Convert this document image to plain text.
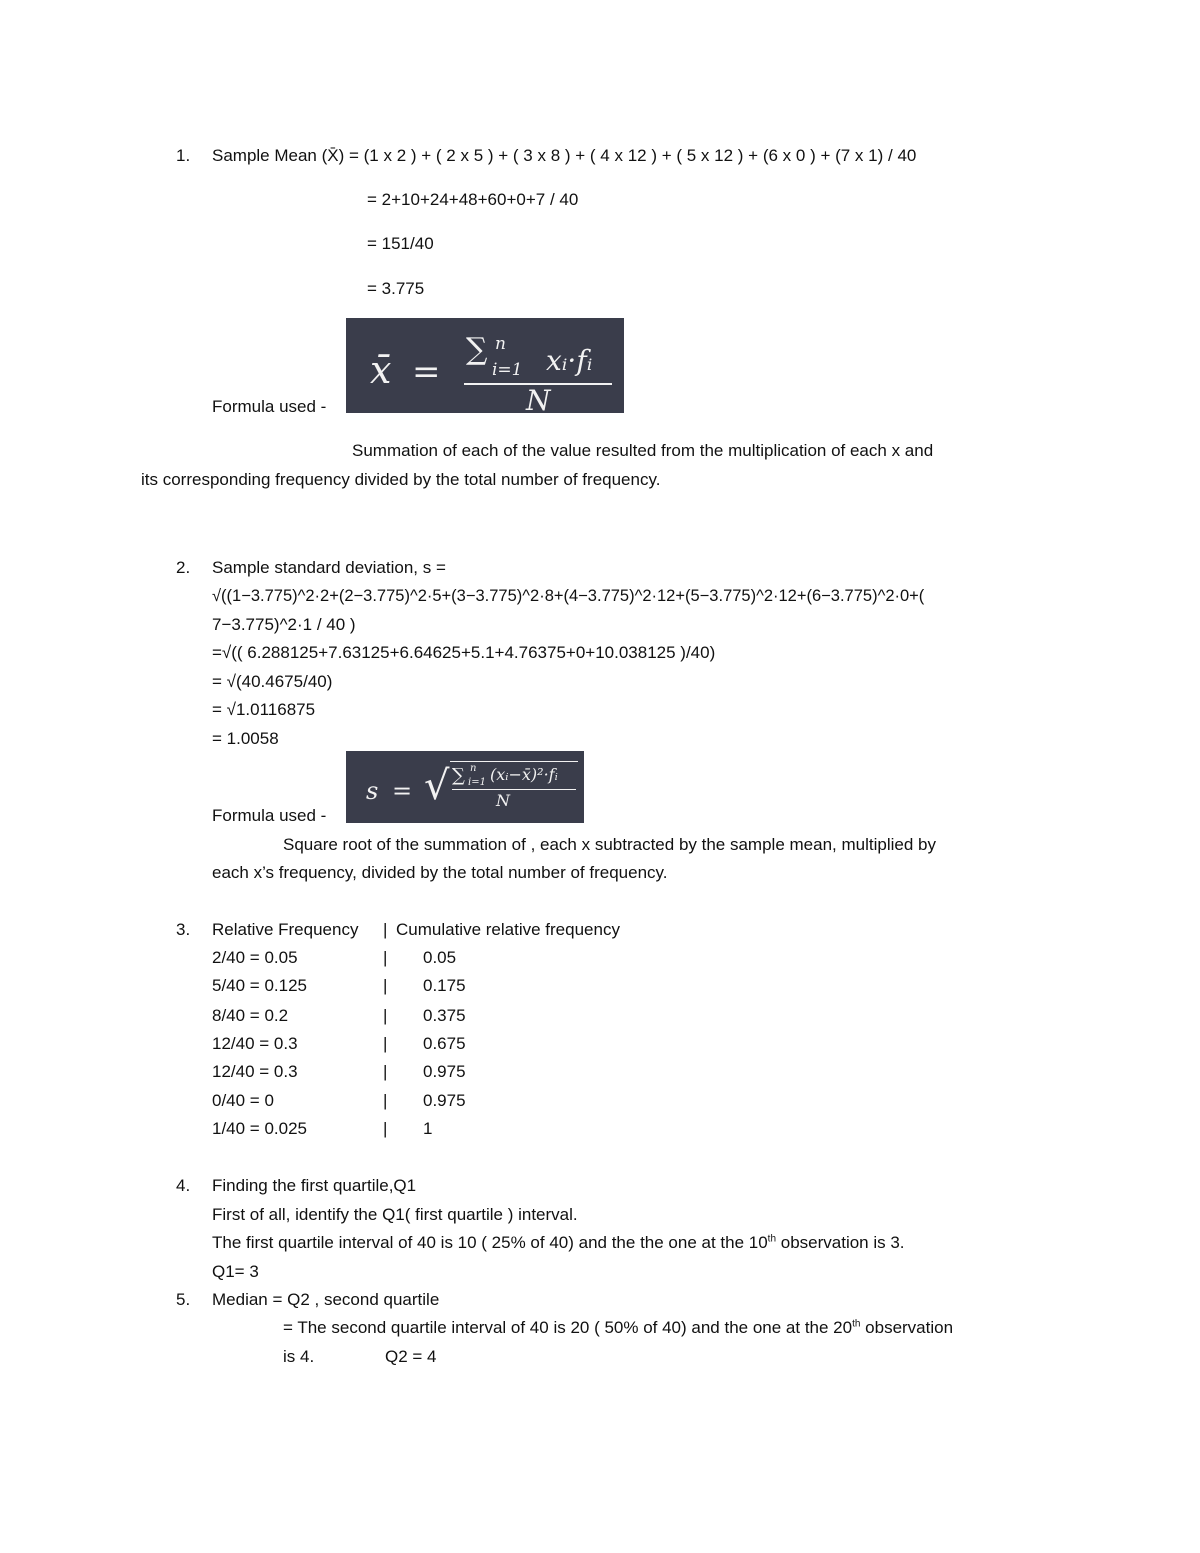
1. Sample Mean (X̄) = (1 x 2 ) + ( 2 x 5 ) + ( 3 x 8 ) + ( 4 x 12 ) + ( 5 x 12 ) + (6 x 0 ) + (7 x 1) / 40
= 2+10+24+48+60+0+7 / 40
= 151/40
= 3.775
Formula used -
x̄ =
∑ n
i=1 xᵢ·fᵢ
N
Summation of each of the value resulted from the multiplication of each x and
its corresponding frequency divided by the total number of frequency.
2. Sample standard deviation, s =
√((1−3.775)^2·2+(2−3.775)^2·5+(3−3.775)^2·8+(4−3.775)^2·12+(5−3.775)^2·12+(6−3.775)^2·0+(
7−3.775)^2·1 / 40 )
=√(( 6.288125+7.63125+6.64625+5.1+4.76375+0+10.038125 )/40)
= √(40.4675/40)
= √1.0116875
= 1.0058
Formula used -
s = √ ∑ n
i=1 (xᵢ−x̄)²·fᵢ
N
Square root of the summation of , each x subtracted by the sample mean, multiplied by
each x’s frequency, divided by the total number of frequency.
3. Relative Frequency | Cumulative relative frequency
2/40 = 0.05	| 0.05
5/40 = 0.125	| 0.175
8/40 = 0.2	| 0.375
12/40 = 0.3	| 0.675
12/40 = 0.3	| 0.975
0/40 = 0	| 0.975
1/40 = 0.025	| 1
4. Finding the first quartile,Q1
First of all, identify the Q1( first quartile ) interval.
The first quartile interval of 40 is 10 ( 25% of 40) and the the one at the 10th observation is 3.
Q1= 3
5. Median = Q2 , second quartile
= The second quartile interval of 40 is 20 ( 50% of 40) and the one at the 20th observation
is 4.	Q2 = 4
